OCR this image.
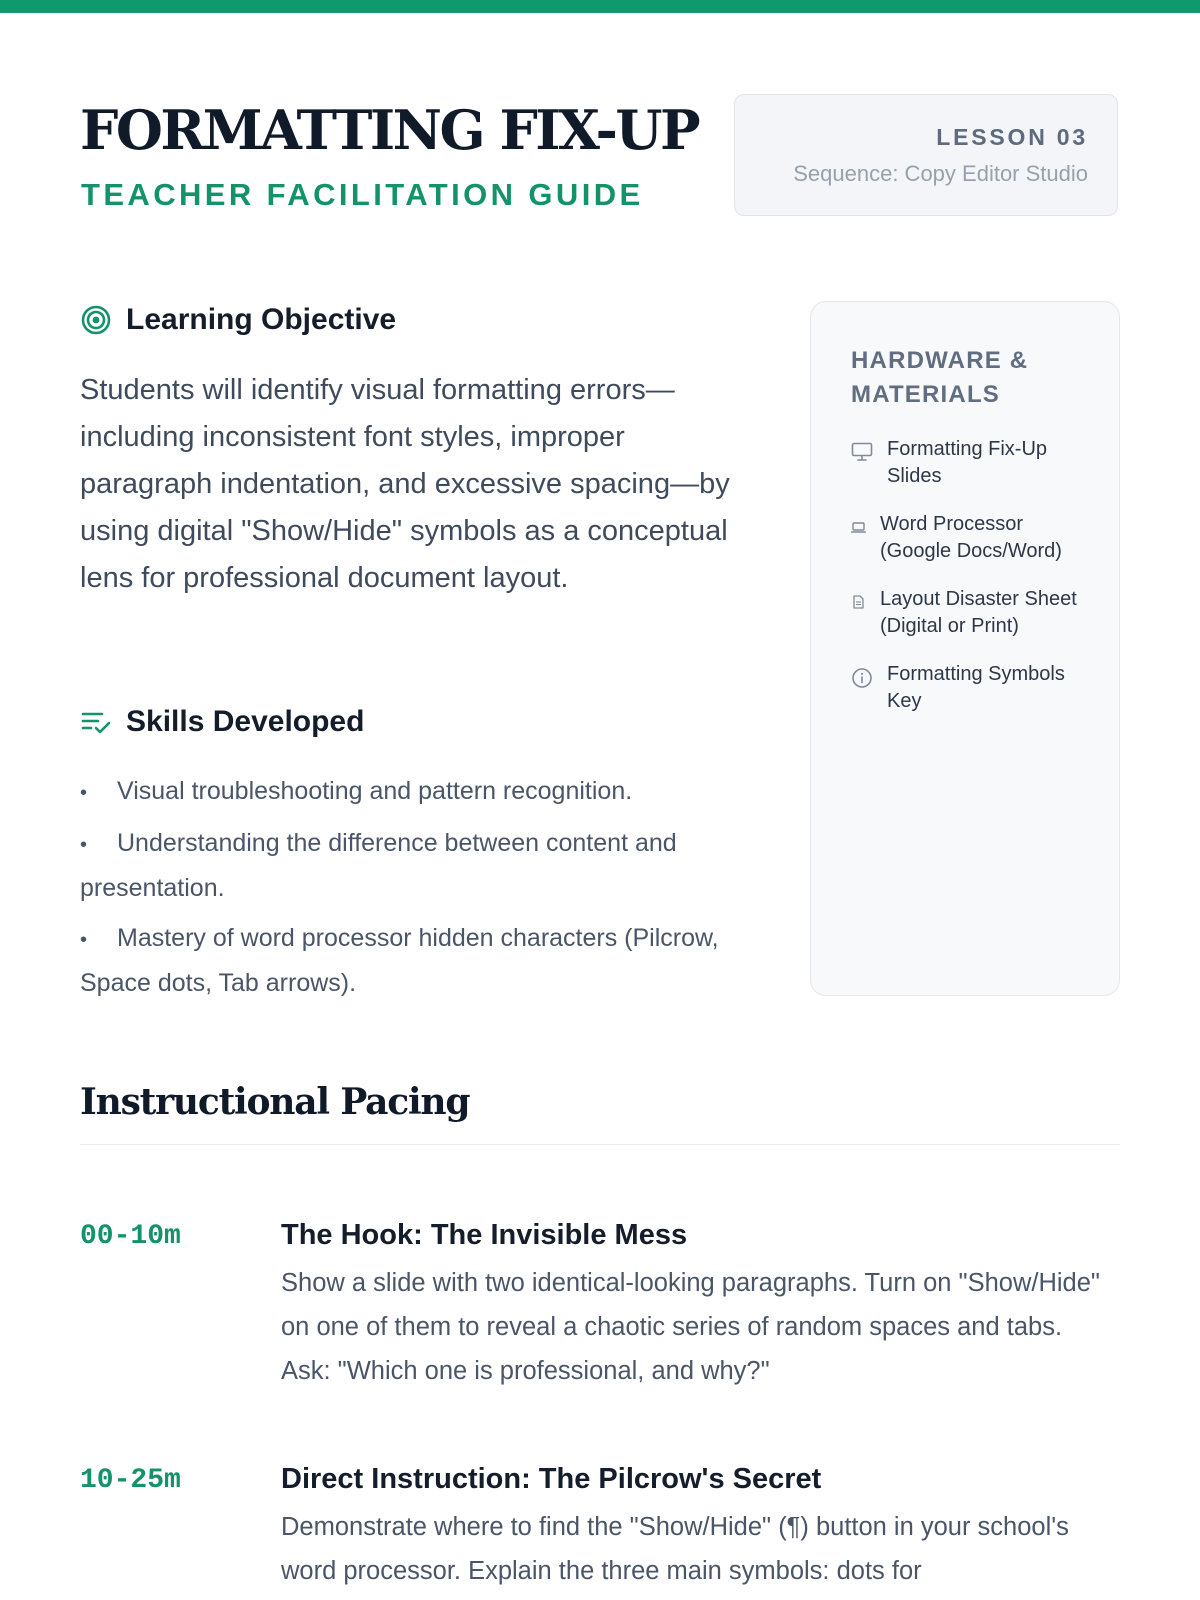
FORMATTING FIX-UP
TEACHER FACILITATION GUIDE
LESSON 03
Sequence: Copy Editor Studio
Learning Objective

Students will identify visual formatting errors—including inconsistent font styles, improper paragraph indentation, and excessive spacing—by using digital "Show/Hide" symbols as a conceptual lens for professional document layout.

Skills Developed
• Visual troubleshooting and pattern recognition.
• Understanding the difference between content and presentation.
• Mastery of word processor hidden characters (Pilcrow, Space dots, Tab arrows).
HARDWARE & MATERIALS
Formatting Fix-Up Slides
Word Processor (Google Docs/Word)
Layout Disaster Sheet (Digital or Print)
Formatting Symbols Key
Instructional Pacing
00-10m	The Hook: The Invisible Mess
Show a slide with two identical-looking paragraphs. Turn on "Show/Hide" on one of them to reveal a chaotic series of random spaces and tabs. Ask: "Which one is professional, and why?"
10-25m	Direct Instruction: The Pilcrow's Secret
Demonstrate where to find the "Show/Hide" (¶) button in your school's word processor. Explain the three main symbols: dots for
